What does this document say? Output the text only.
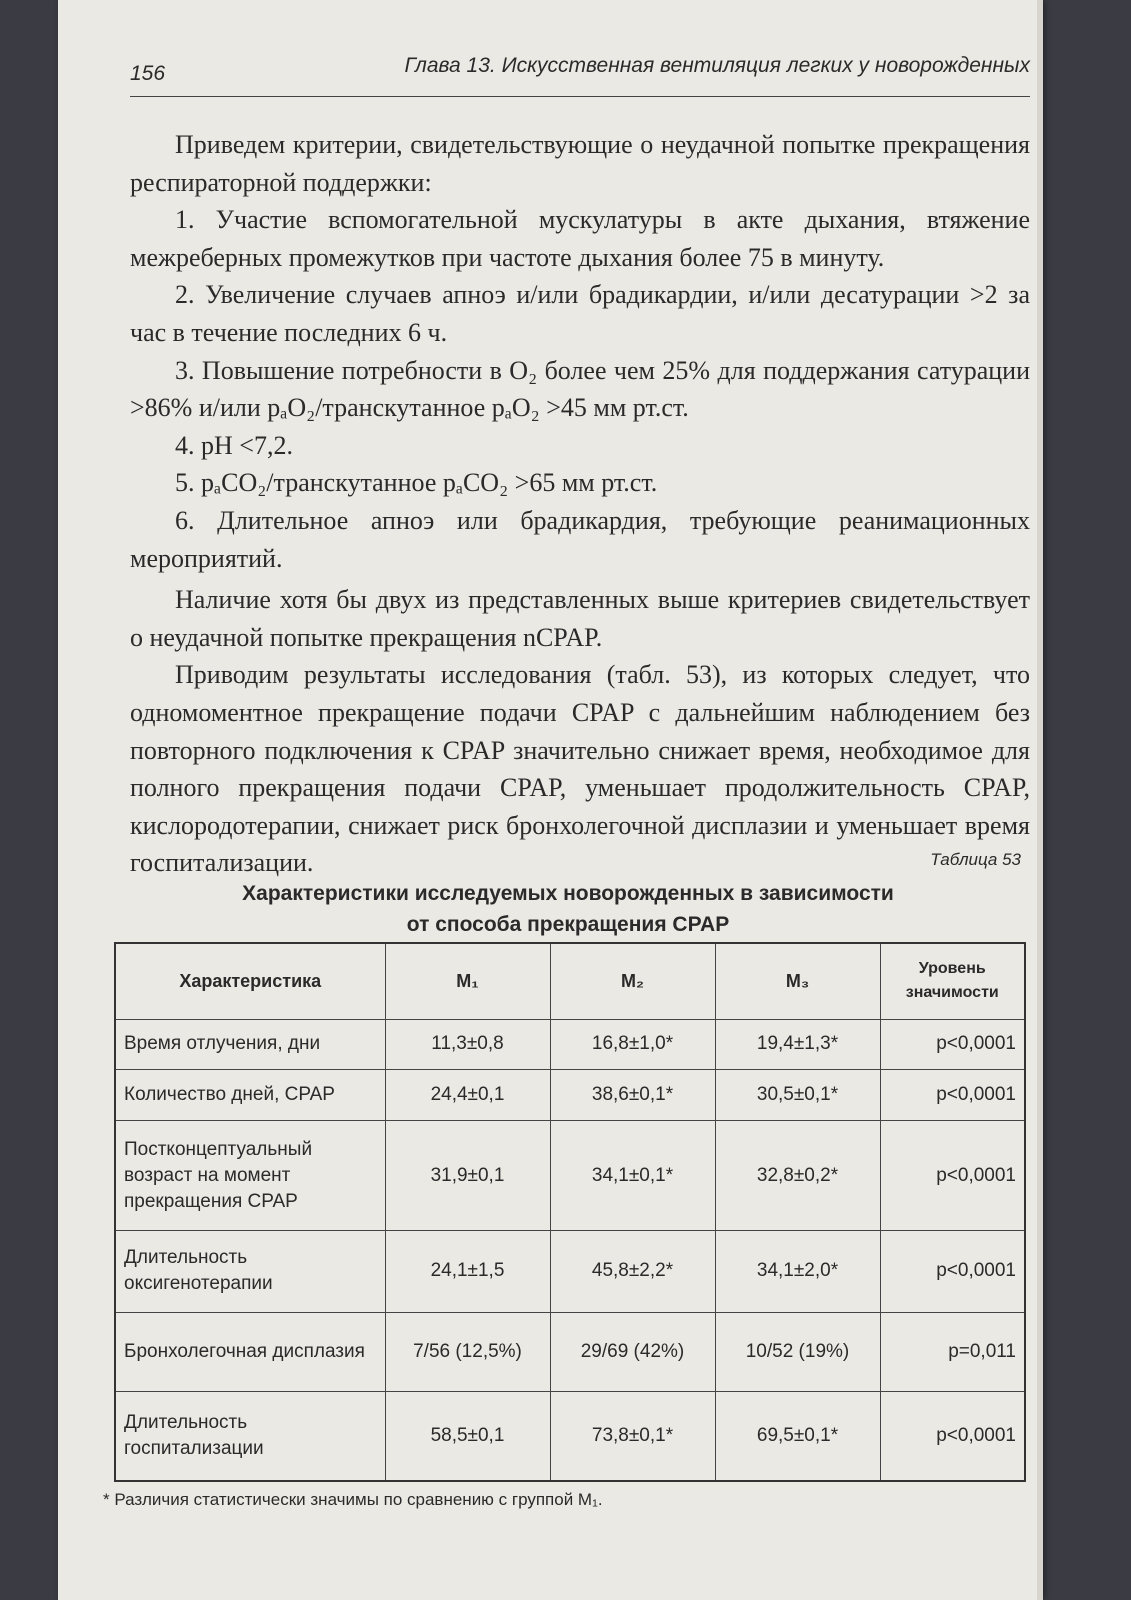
156	Глава 13. Искусственная вентиляция легких у новорожденных

Приведем критерии, свидетельствующие о неудачной попытке прекращения респираторной поддержки:

1. Участие вспомогательной мускулатуры в акте дыхания, втяжение межреберных промежутков при частоте дыхания более 75 в минуту.

2. Увеличение случаев апноэ и/или брадикардии, и/или десатурации >2 за час в течение последних 6 ч.

3. Повышение потребности в O₂ более чем 25% для поддержания сатурации >86% и/или pₐO₂/транскутанное pₐO₂ >45 мм рт.ст.

4. pH <7,2.

5. pₐCO₂/транскутанное pₐCO₂ >65 мм рт.ст.

6. Длительное апноэ или брадикардия, требующие реанимационных мероприятий.

Наличие хотя бы двух из представленных выше критериев свидетельствует о неудачной попытке прекращения nCPAP.

Приводим результаты исследования (табл. 53), из которых следует, что одномоментное прекращение подачи CPAP с дальнейшим наблюдением без повторного подключения к CPAP значительно снижает время, необходимое для полного прекращения подачи CPAP, уменьшает продолжительность CPAP, кислородотерапии, снижает риск бронхолегочной дисплазии и уменьшает время госпитализации.	Таблица 53
Характеристики исследуемых новорожденных в зависимости
от способа прекращения CPAP
Характеристика	M₁	M₂	M₃	Уровень
значимости

Время отлучения, дни	11,3±0,8	16,8±1,0*	19,4±1,3*	p<0,0001
Количество дней, CPAP	24,4±0,1	38,6±0,1*	30,5±0,1*	p<0,0001
Постконцептуальный возраст на момент прекращения CPAP	31,9±0,1	34,1±0,1*	32,8±0,2*	p<0,0001
Длительность оксигенотерапии	24,1±1,5	45,8±2,2*	34,1±2,0*	p<0,0001
Бронхолегочная дисплазия	7/56 (12,5%)	29/69 (42%)	10/52 (19%)	p=0,011
Длительность госпитализации	58,5±0,1	73,8±0,1*	69,5±0,1*	p<0,0001
* Различия статистически значимы по сравнению с группой M₁.
